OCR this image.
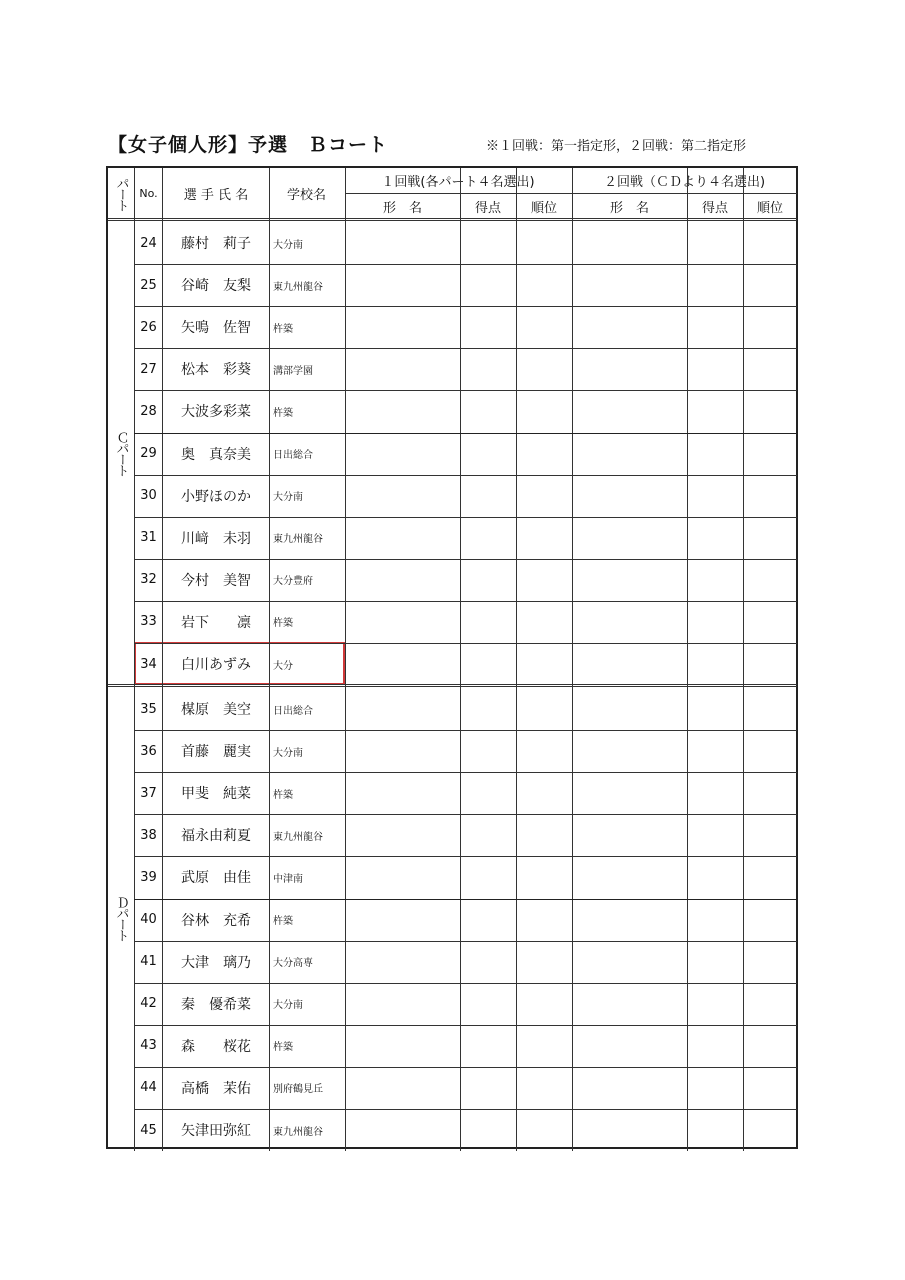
【女子個人形】予選　Ｂコート	※１回戦：第一指定形，２回戦：第二指定形
パート No.	選 手 氏 名	学校名
１回戦(各パート４名選出)	２回戦（ＣＤより４名選出)
形　名	得点	順位	形　名	得点	順位
Ｃパート
Ｄパート
24	藤村　莉子	大分南
25	谷崎　友梨	東九州龍谷
26	矢鳴　佐智	杵築
27	松本　彩葵	溝部学園
28	大波多彩菜	杵築
29	奥　真奈美	日出総合
30	小野ほのか	大分南
31	川﨑　未羽	東九州龍谷
32	今村　美智	大分豊府
33	岩下　　凛	杵築
34	白川あずみ	大分
35	楳原　美空	日出総合
36	首藤　麗実	大分南
37	甲斐　純菜	杵築
38	福永由莉夏	東九州龍谷
39	武原　由佳	中津南
40	谷林　充希	杵築
41	大津　璃乃	大分高専
42	秦　優希菜	大分南
43	森　　桜花	杵築
44	高橋　茉佑	別府鶴見丘
45	矢津田弥紅	東九州龍谷
